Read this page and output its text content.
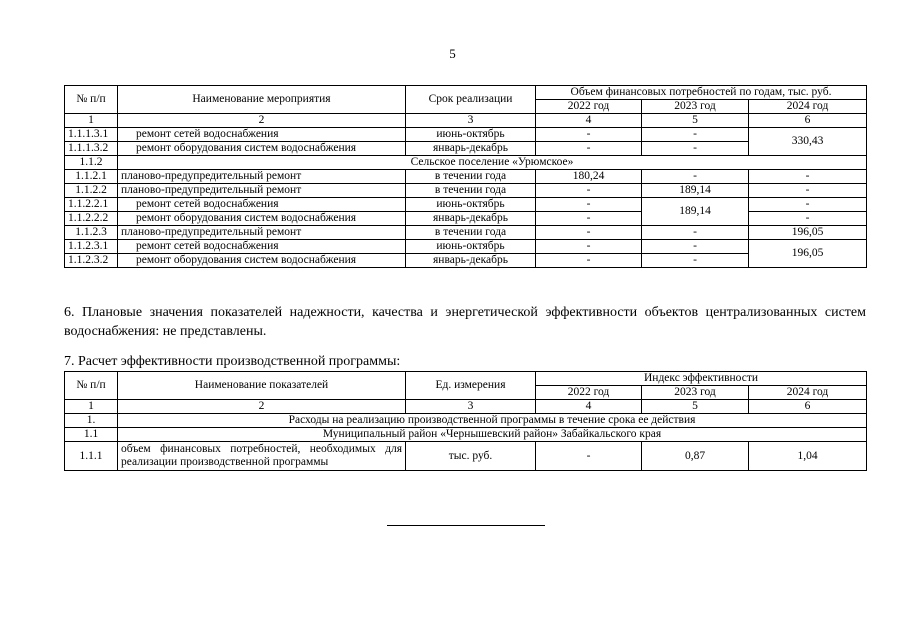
5
№ п/п	Наименование мероприятия	Срок реализации	Объем финансовых потребностей по годам, тыс. руб.		
			2022 год	2023 год	2024 год
1	2	3	4	5	6
1.1.1.3.1	ремонт сетей водоснабжения	июнь-октябрь	-	-	330,43
1.1.1.3.2	ремонт оборудования систем водоснабжения	январь-декабрь	-	-	
1.1.2	Сельское поселение «Урюмское»				
1.1.2.1	планово-предупредительный ремонт	в течении года	180,24	-	-
1.1.2.2	планово-предупредительный ремонт	в течении года	-	189,14	-
1.1.2.2.1	ремонт сетей водоснабжения	июнь-октябрь	-	189,14	-
1.1.2.2.2	ремонт оборудования систем водоснабжения	январь-декабрь	-		-
1.1.2.3	планово-предупредительный ремонт	в течении года	-	-	196,05
1.1.2.3.1	ремонт сетей водоснабжения	июнь-октябрь	-	-	196,05
1.1.2.3.2	ремонт оборудования систем водоснабжения	январь-декабрь	-	-	
6. Плановые значения показателей надежности, качества и энергетической эффективности объектов централизованных систем водоснабжения: не представлены.
7. Расчет эффективности производственной программы:
№ п/п	Наименование показателей	Ед. измерения	Индекс эффективности		
			2022 год	2023 год	2024 год
1	2	3	4	5	6
1.	Расходы на реализацию производственной программы в течение срока ее действия				
1.1	Муниципальный район «Чернышевский район» Забайкальского края				
1.1.1	объем финансовых потребностей, необходимых для реализации производственной программы	тыс. руб.	-	0,87	1,04
